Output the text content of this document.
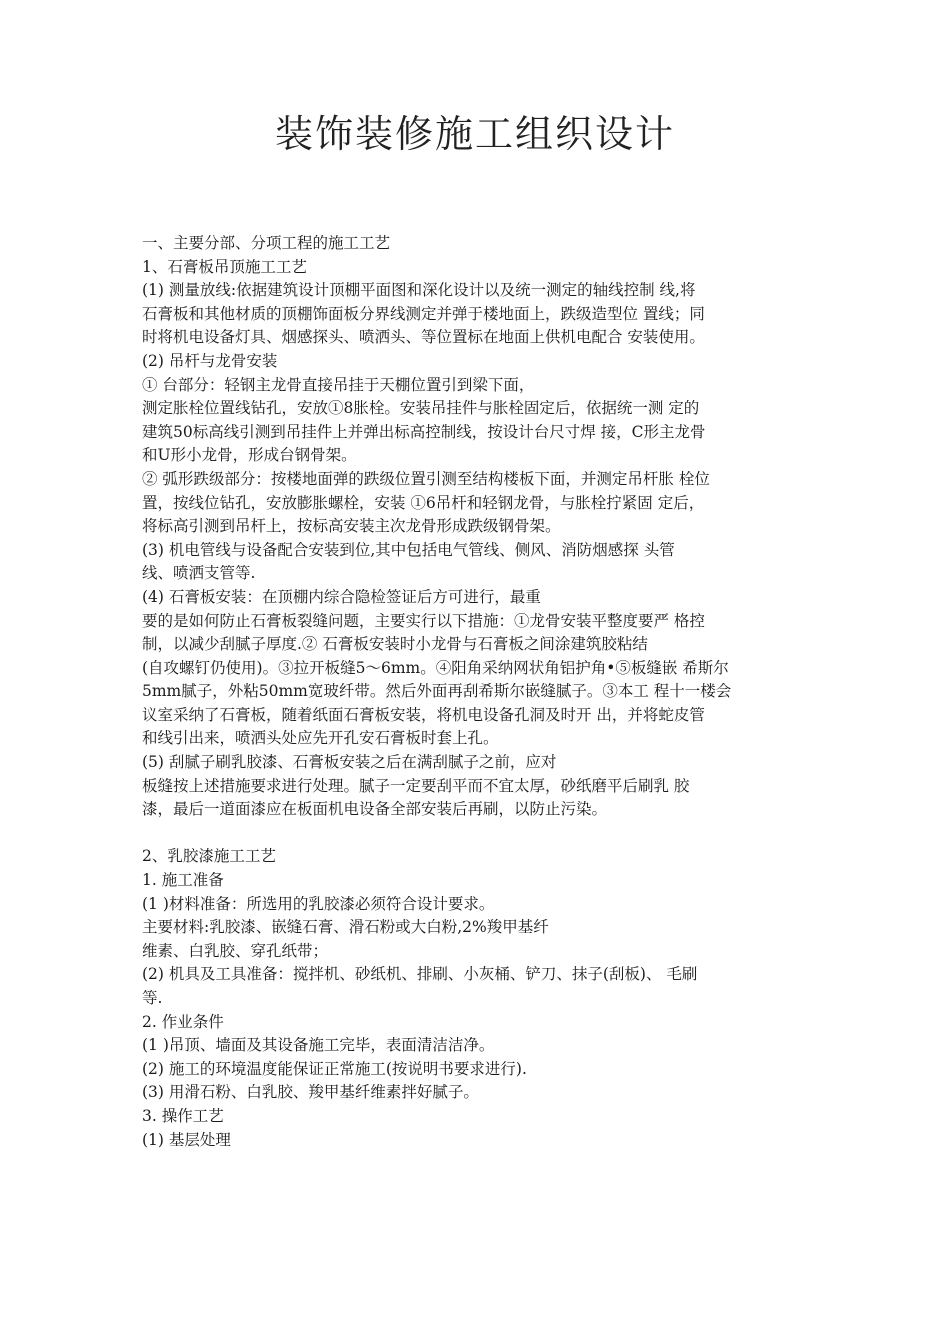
装饰装修施工组织设计

一、主要分部、分项工程的施工工艺

1、石膏板吊顶施工工艺

(1) 测量放线:依据建筑设计顶棚平面图和深化设计以及统一测定的轴线控制 线,将

石膏板和其他材质的顶棚饰面板分界线测定并弹于楼地面上，跌级造型位 置线；同

时将机电设备灯具、烟感探头、喷洒头、等位置标在地面上供机电配合 安装使用。

(2) 吊杆与龙骨安装

① 台部分：轻钢主龙骨直接吊挂于天棚位置引到梁下面，

测定胀栓位置线钻孔，安放①8胀栓。安装吊挂件与胀栓固定后，依据统一测 定的

建筑50标高线引测到吊挂件上并弹出标高控制线，按设计台尺寸焊 接，C形主龙骨

和U形小龙骨，形成台钢骨架。

② 弧形跌级部分：按楼地面弹的跌级位置引测至结构楼板下面，并测定吊杆胀 栓位

置，按线位钻孔，安放膨胀螺栓，安装 ①6吊杆和轻钢龙骨，与胀栓拧紧固 定后，

将标高引测到吊杆上，按标高安装主次龙骨形成跌级钢骨架。

(3) 机电管线与设备配合安装到位,其中包括电气管线、侧风、消防烟感探 头管

线、喷洒支管等.

(4) 石膏板安装：在顶棚内综合隐检签证后方可进行，最重

要的是如何防止石膏板裂缝问题，主要实行以下措施：①龙骨安装平整度要严 格控

制，以减少刮腻子厚度.② 石膏板安装时小龙骨与石膏板之间涂建筑胶粘结

(自攻螺钉仍使用)。③拉开板缝5〜6mm。④阳角采纳网状角铝护角•⑤板缝嵌 希斯尔

5mm腻子，外粘50mm宽玻纤带。然后外面再刮希斯尔嵌缝腻子。③本工 程十一楼会

议室采纳了石膏板，随着纸面石膏板安装，将机电设备孔洞及时开 出，并将蛇皮管

和线引出来，喷洒头处应先开孔安石膏板时套上孔。

(5) 刮腻子刷乳胶漆、石膏板安装之后在满刮腻子之前，应对

板缝按上述措施要求进行处理。腻子一定要刮平而不宜太厚，砂纸磨平后刷乳 胶

漆，最后一道面漆应在板面机电设备全部安装后再刷，以防止污染。

2、乳胶漆施工工艺

1. 施工准备

(1 )材料准备：所选用的乳胶漆必须符合设计要求。

主要材料:乳胶漆、嵌缝石膏、滑石粉或大白粉,2%羧甲基纤

维素、白乳胶、穿孔纸带；

(2) 机具及工具准备：搅拌机、砂纸机、排刷、小灰桶、铲刀、抹子(刮板)、 毛刷

等.

2. 作业条件

(1 )吊顶、墙面及其设备施工完毕，表面清洁洁净。

(2) 施工的环境温度能保证正常施工(按说明书要求进行).

(3) 用滑石粉、白乳胶、羧甲基纤维素拌好腻子。

3. 操作工艺

(1) 基层处理
